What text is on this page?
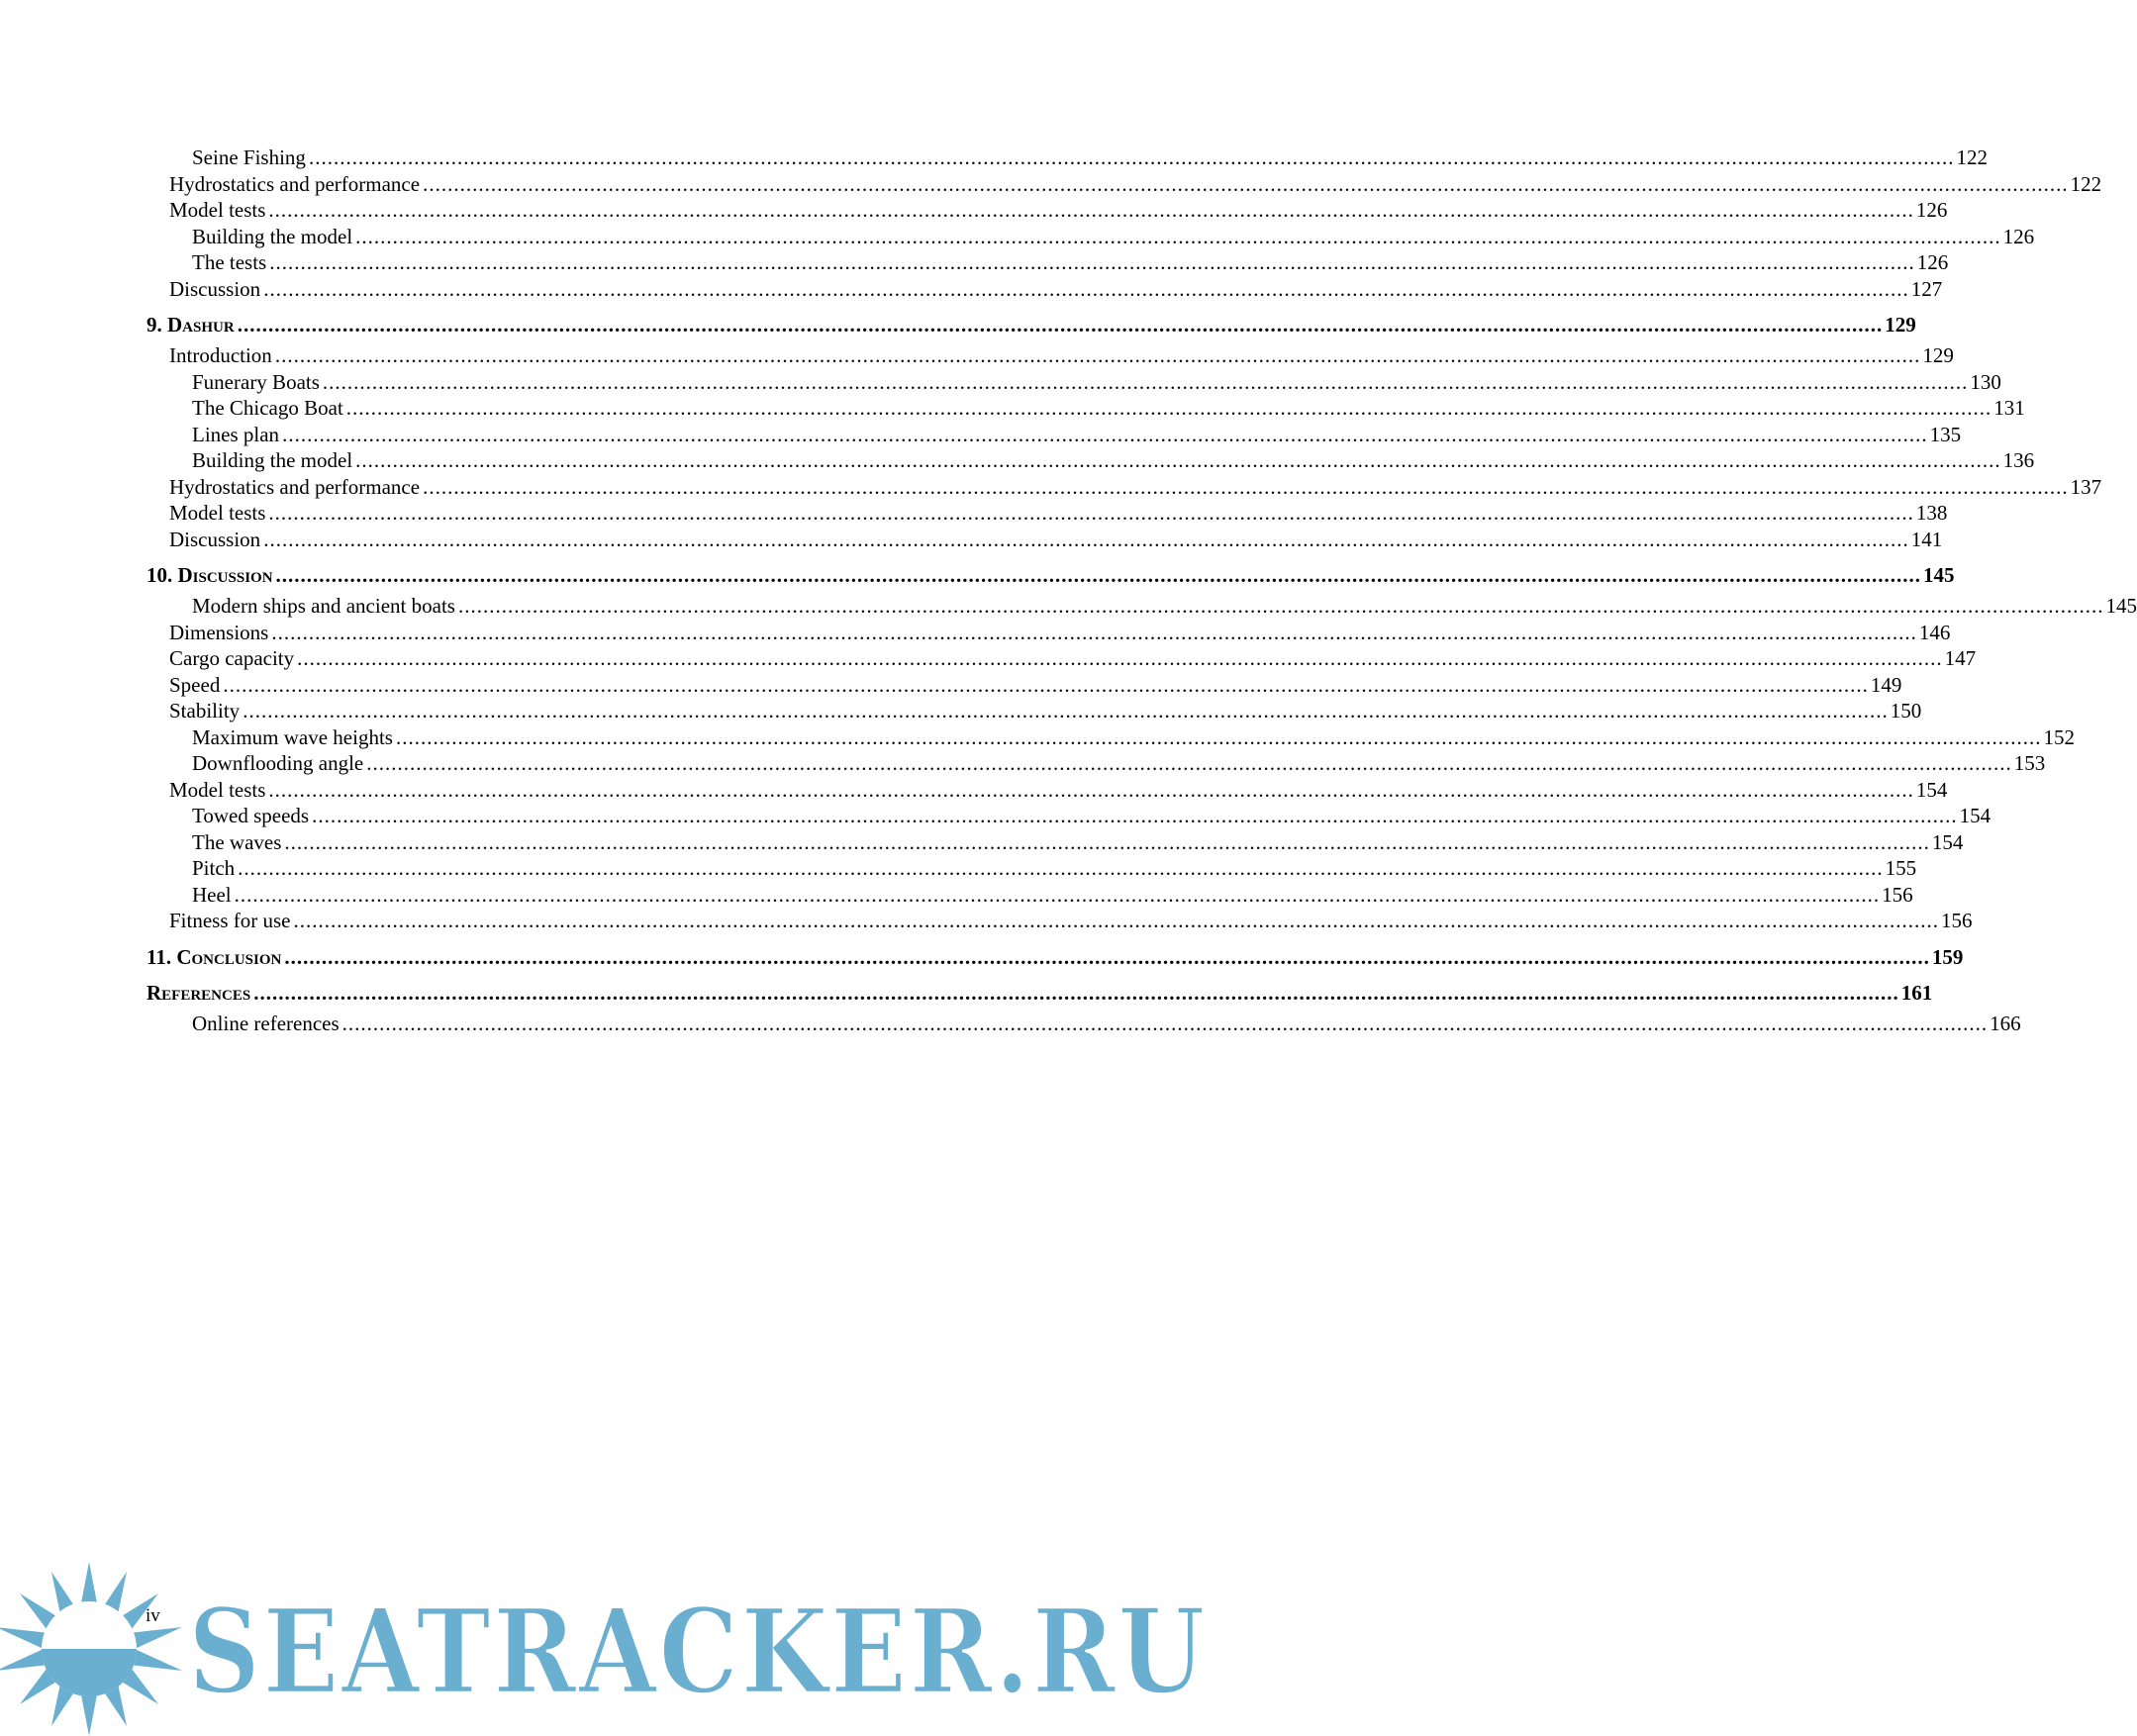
Seine Fishing .....	122
Hydrostatics and performance .....	122
Model tests .....	126
Building the model .....	126
The tests .....	126
Discussion .....	127
9. Dashur .....	129
Introduction .....	129
Funerary Boats .....	130
The Chicago Boat .....	131
Lines plan .....	135
Building the model .....	136
Hydrostatics and performance .....	137
Model tests .....	138
Discussion .....	141
10. Discussion .....	145
Modern ships and ancient boats .....	145
Dimensions .....	146
Cargo capacity .....	147
Speed .....	149
Stability .....	150
Maximum wave heights .....	152
Downflooding angle .....	153
Model tests .....	154
Towed speeds .....	154
The waves .....	154
Pitch .....	155
Heel .....	156
Fitness for use .....	156
11. Conclusion .....	159
References .....	161
Online references .....	166
SEATRACKER.RU
iv
